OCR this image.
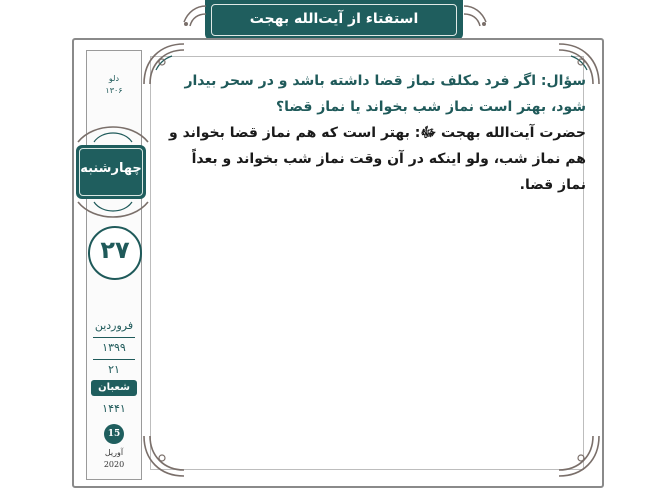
استفتاء از آیت‌الله بهجت
دلو
۱۳۰۶
فروردین
۱۳۹۹
۲۱
شعبان
۱۴۴۱
15
آوریل
2020
چهارشنبه
۲۷
سؤال: اگر فرد مکلف نماز قضا داشته باشد و در سحر بیدار شود، بهتر است نماز شب بخواند یا نماز قضا؟
حضرت آیت‌الله بهجت ﷻ: بهتر است که هم نماز قضا بخواند و هم نماز شب، ولو اینکه در آن وقت نماز شب بخواند و بعداً نماز قضا.
